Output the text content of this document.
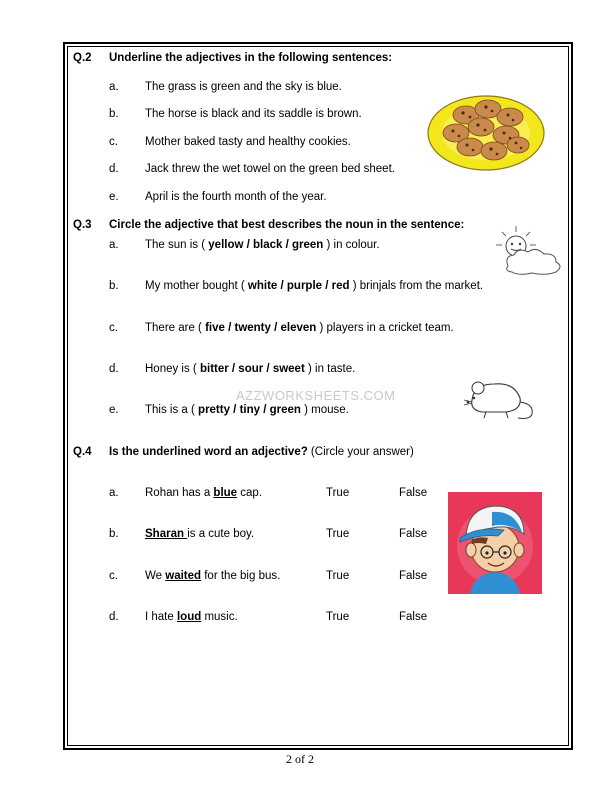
Q.2 Underline the adjectives in the following sentences:
a. The grass is green and the sky is blue.
b. The horse is black and its saddle is brown.
c. Mother baked tasty and healthy cookies.
d. Jack threw the wet towel on the green bed sheet.
e. April is the fourth month of the year.
Q.3 Circle the adjective that best describes the noun in the sentence:
a. The sun is ( yellow / black / green ) in colour.
b. My mother bought ( white / purple / red ) brinjals from the market.
c. There are ( five / twenty / eleven ) players in a cricket team.
d. Honey is ( bitter / sour / sweet ) in taste.
e. This is a ( pretty / tiny / green ) mouse.
AZZWORKSHEETS.COM
Q.4 Is the underlined word an adjective? (Circle your answer)
a. Rohan has a blue cap.	True	False
b. Sharan is a cute boy.	True	False
c. We waited for the big bus.	True	False
d. I hate loud music.	True	False
2 of 2
